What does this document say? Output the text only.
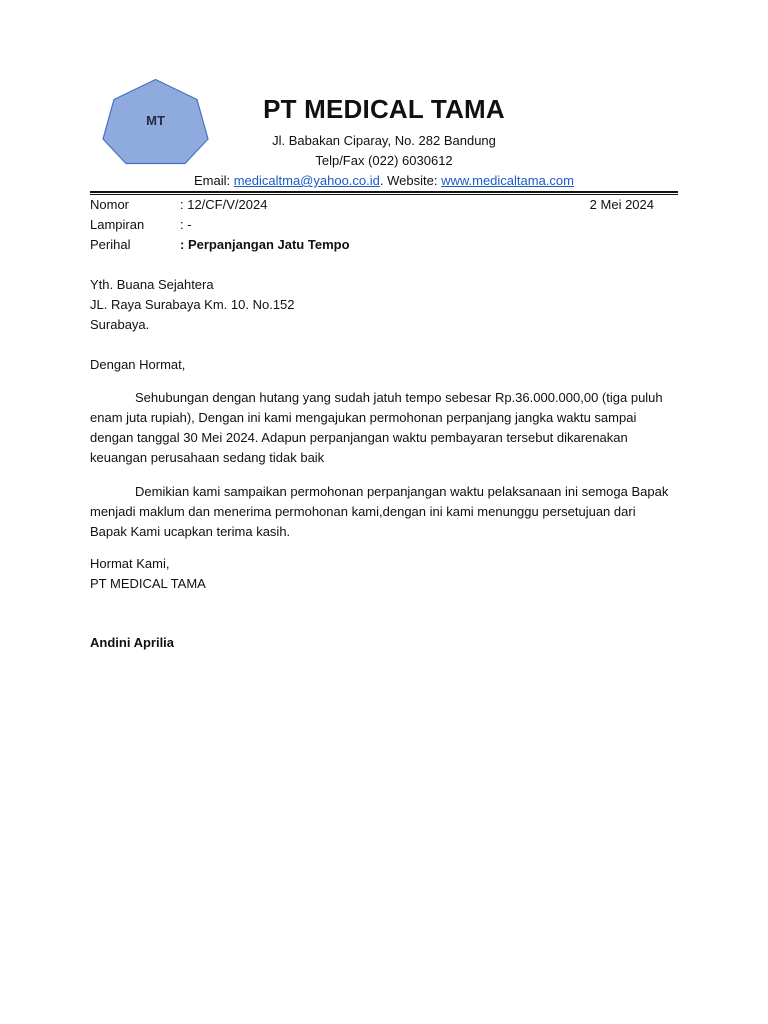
MT	PT MEDICAL TAMA
Jl. Babakan Ciparay, No. 282 Bandung
Telp/Fax (022) 6030612
Email: medicaltma@yahoo.co.id. Website: www.medicaltama.com
Nomor	: 12/CF/V/2024	2 Mei 2024
Lampiran	: -
Perihal	: Perpanjangan Jatu Tempo
Yth. Buana Sejahtera
JL. Raya Surabaya Km. 10. No.152
Surabaya.
Dengan Hormat,

Sehubungan dengan hutang yang sudah jatuh tempo sebesar Rp.36.000.000,00 (tiga puluh enam juta rupiah), Dengan ini kami mengajukan permohonan perpanjang jangka waktu sampai dengan tanggal 30 Mei 2024. Adapun perpanjangan waktu pembayaran tersebut dikarenakan keuangan perusahaan sedang tidak baik

Demikian kami sampaikan permohonan perpanjangan waktu pelaksanaan ini semoga Bapak menjadi maklum dan menerima permohonan kami,dengan ini kami menunggu persetujuan dari Bapak Kami ucapkan terima kasih.

Hormat Kami,
PT MEDICAL TAMA
Andini Aprilia
